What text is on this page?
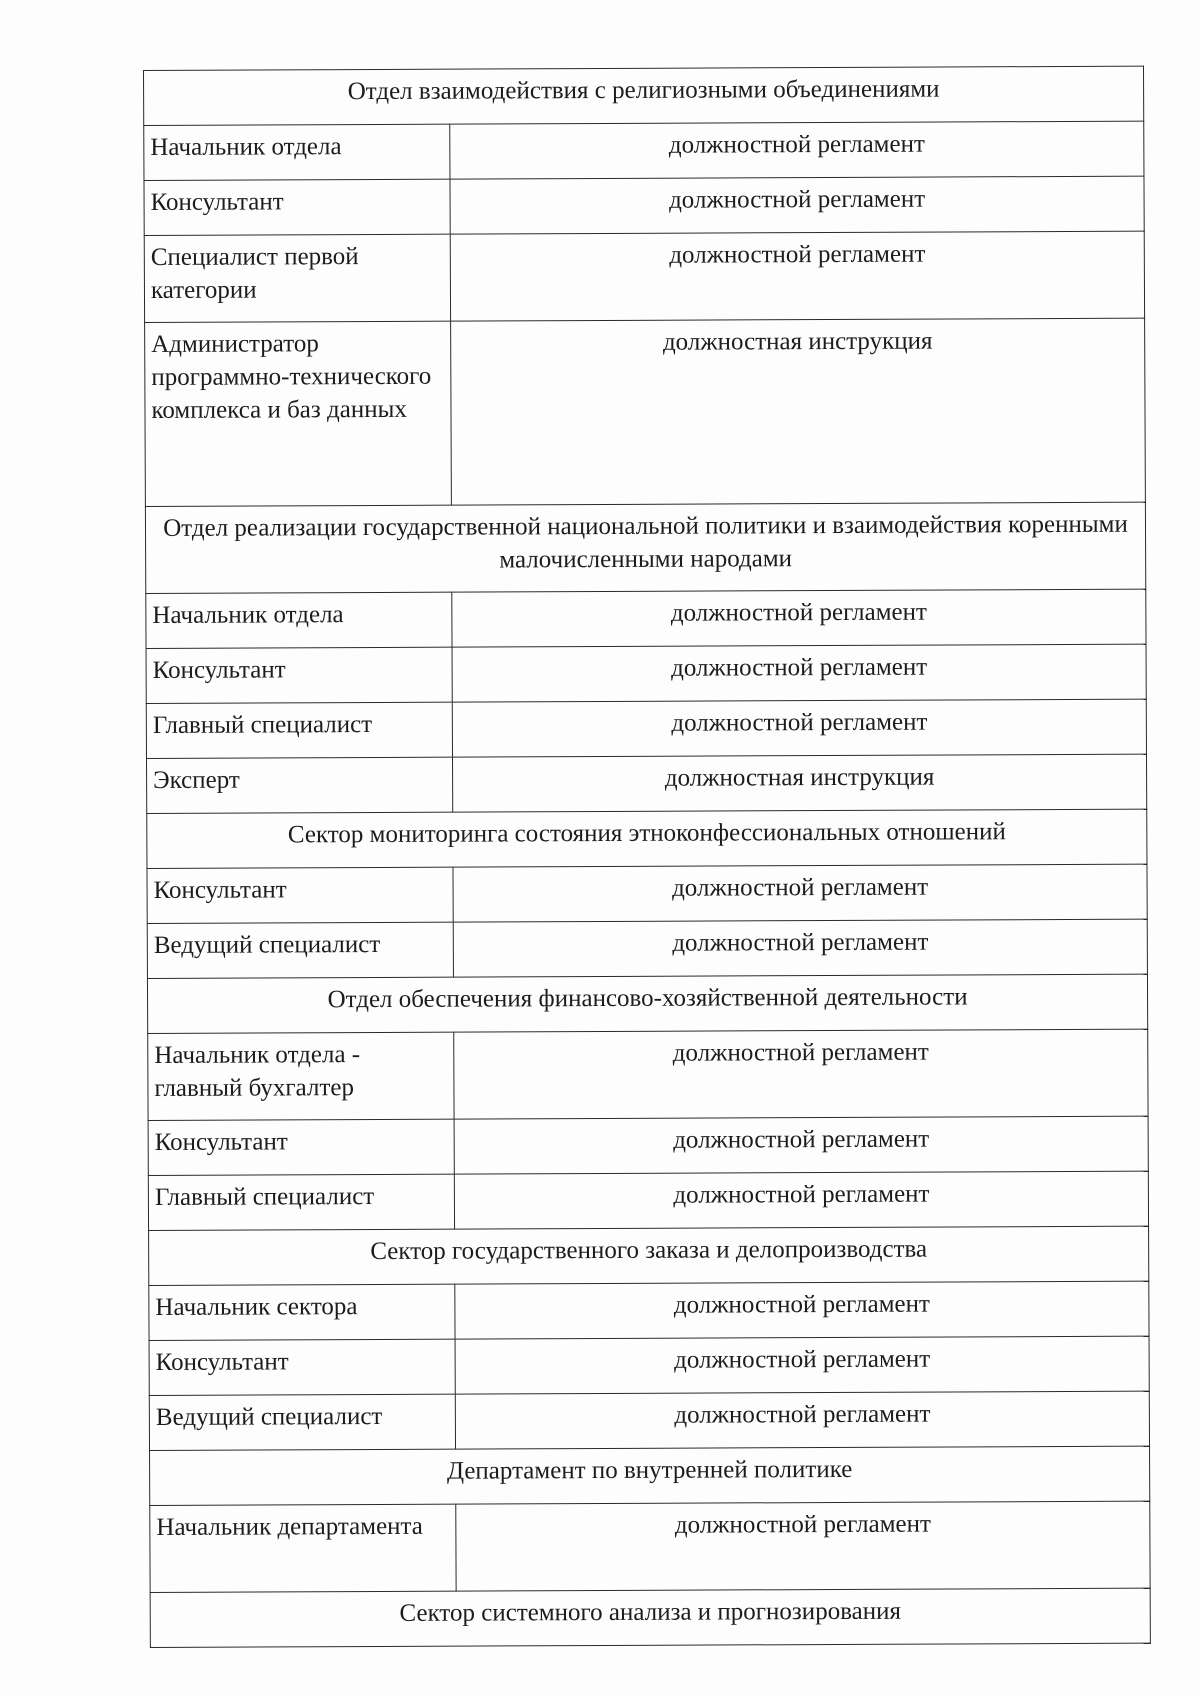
Отдел взаимодействия с религиозными объединениями	
Начальник отдела	должностной регламент
Консультант	должностной регламент
Специалист первой категории	должностной регламент
Администратор программно-технического комплекса и баз данных	должностная инструкция
Отдел реализации государственной национальной политики и взаимодействия коренными малочисленными народами	
Начальник отдела	должностной регламент
Консультант	должностной регламент
Главный специалист	должностной регламент
Эксперт	должностная инструкция
Сектор мониторинга состояния этноконфессиональных отношений	
Консультант	должностной регламент
Ведущий специалист	должностной регламент
Отдел обеспечения финансово-хозяйственной деятельности	
Начальник отдела - главный бухгалтер	должностной регламент
Консультант	должностной регламент
Главный специалист	должностной регламент
Сектор государственного заказа и делопроизводства	
Начальник сектора	должностной регламент
Консультант	должностной регламент
Ведущий специалист	должностной регламент
Департамент по внутренней политике	
Начальник департамента	должностной регламент
Сектор системного анализа и прогнозирования	
